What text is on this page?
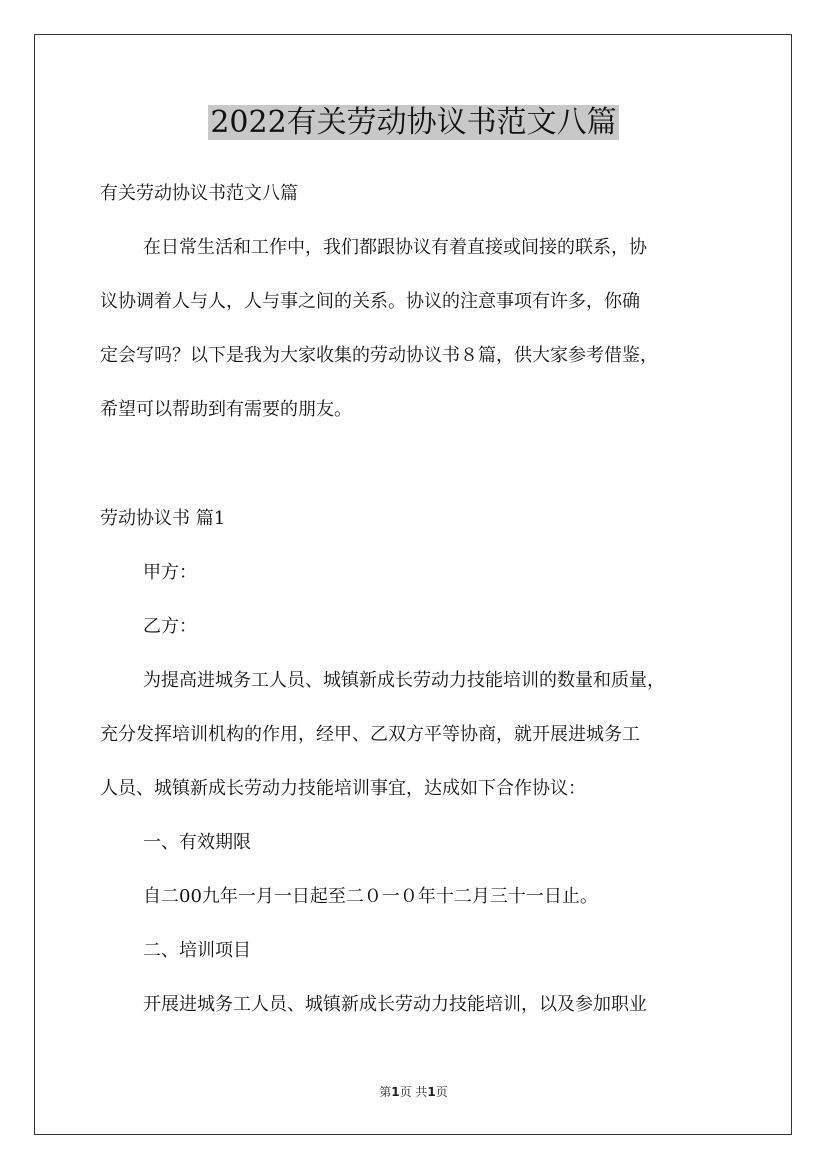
2022有关劳动协议书范文八篇

有关劳动协议书范文八篇

在日常生活和工作中，我们都跟协议有着直接或间接的联系，协

议协调着人与人，人与事之间的关系。协议的注意事项有许多，你确

定会写吗？以下是我为大家收集的劳动协议书８篇，供大家参考借鉴，

希望可以帮助到有需要的朋友。

劳动协议书 篇1

甲方：

乙方：

为提高进城务工人员、城镇新成长劳动力技能培训的数量和质量，

充分发挥培训机构的作用，经甲、乙双方平等协商，就开展进城务工

人员、城镇新成长劳动力技能培训事宜，达成如下合作协议：

一、有效期限

自二00九年一月一日起至二０一０年十二月三十一日止。

二、培训项目

开展进城务工人员、城镇新成长劳动力技能培训，以及参加职业

第1页 共1页
